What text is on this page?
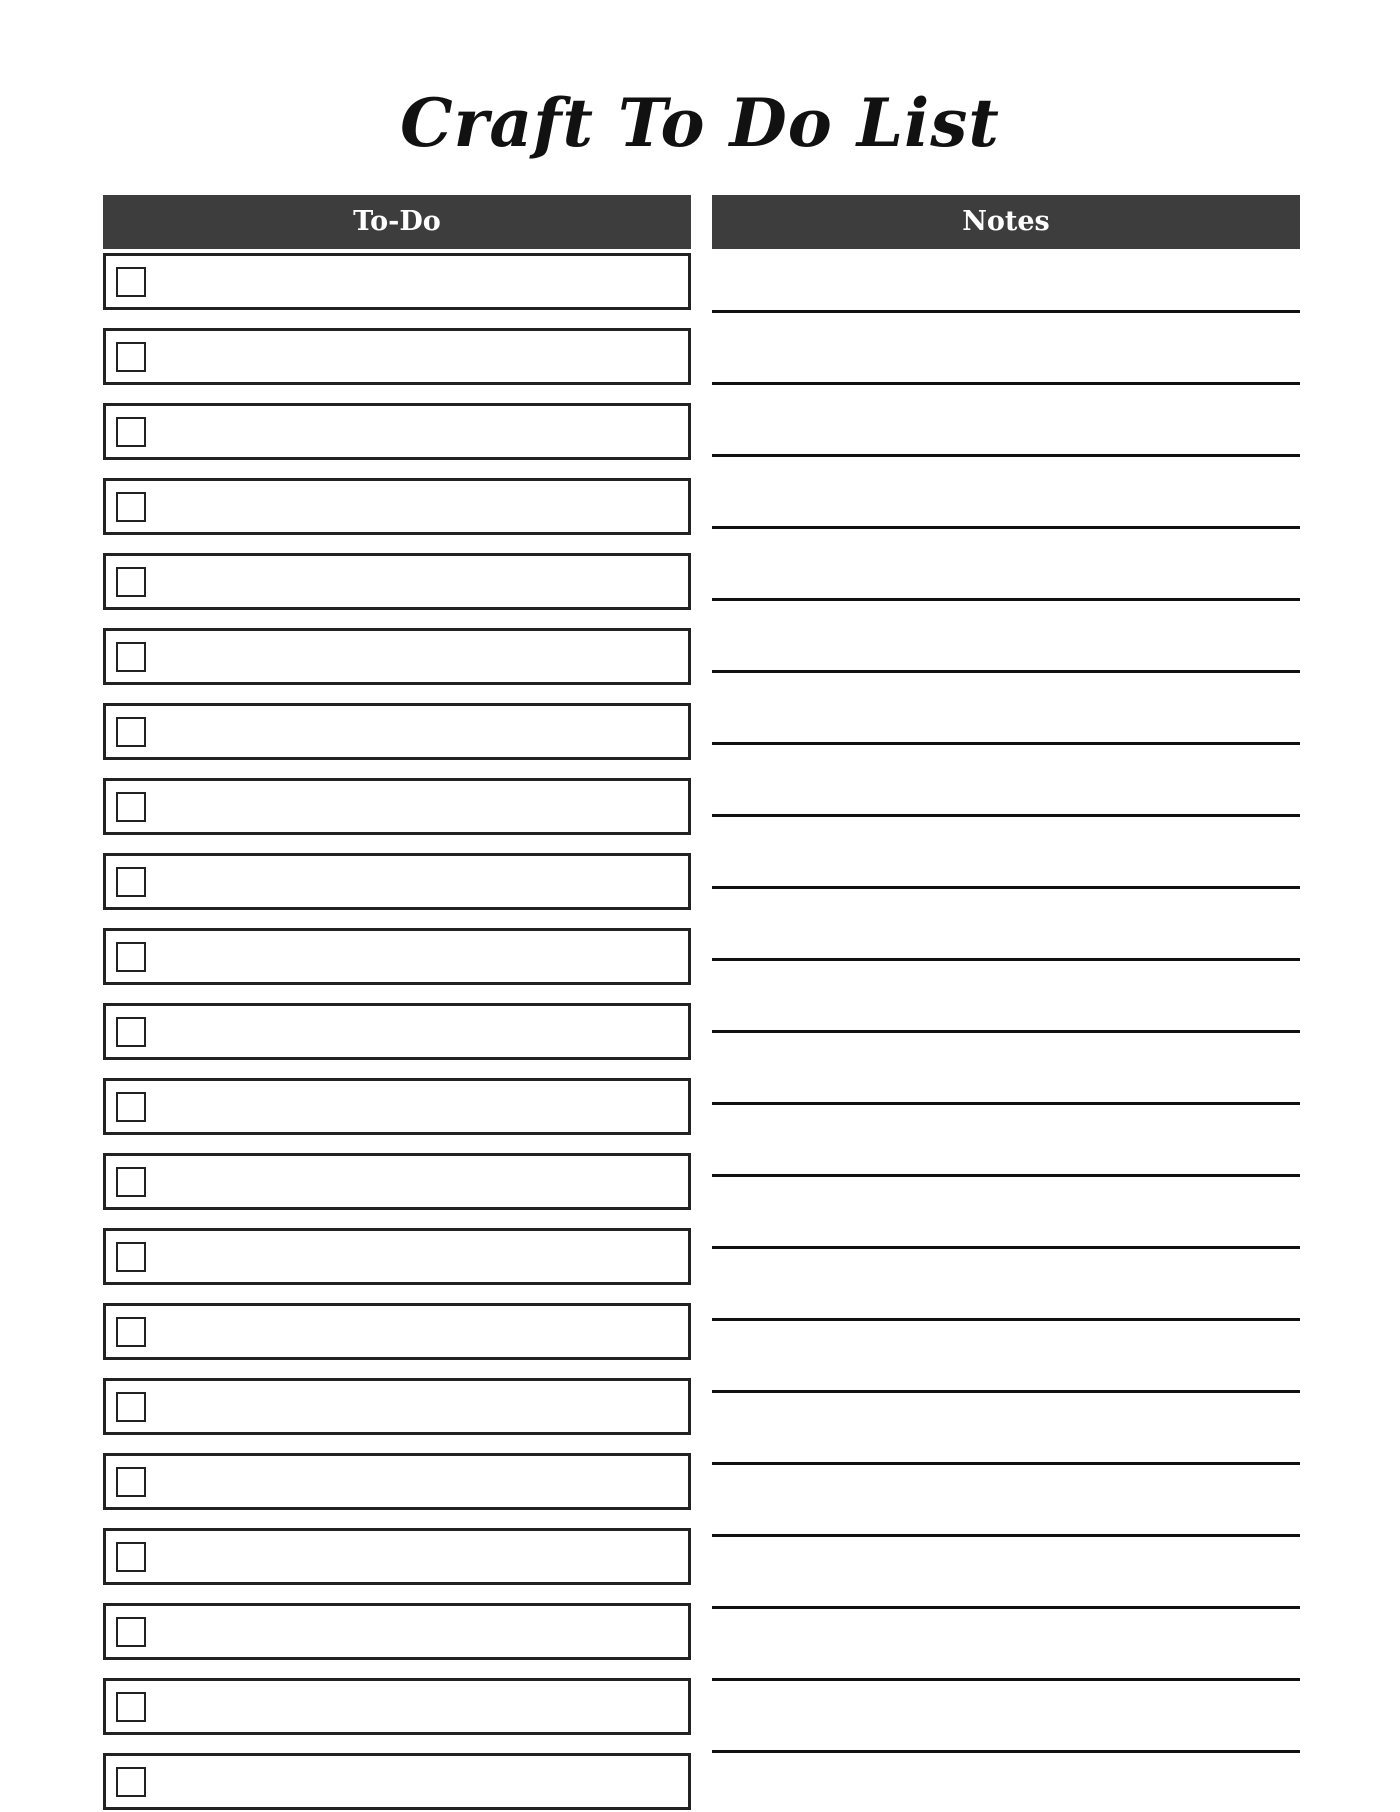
Craft To Do List
To-Do	Notes
